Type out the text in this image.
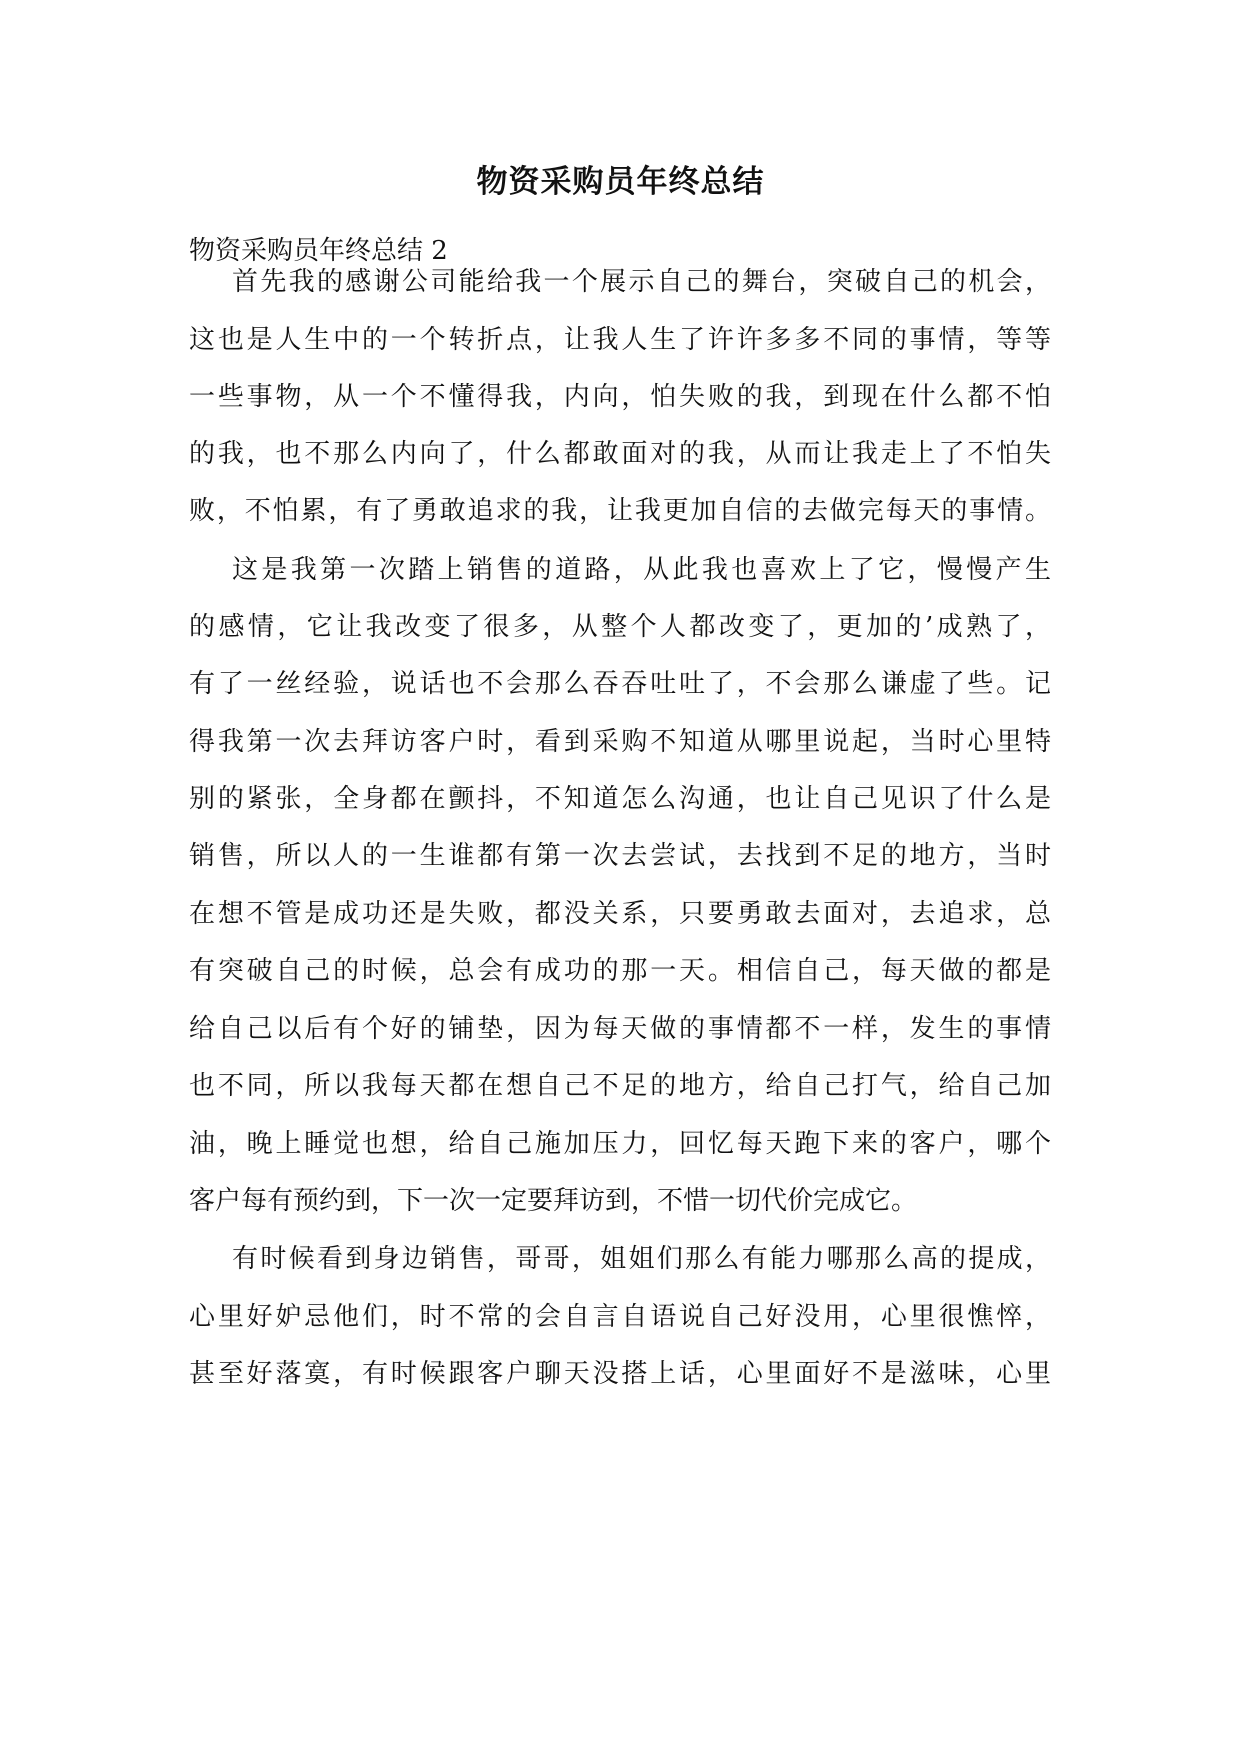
物资采购员年终总结
物资采购员年终总结 2
首先我的感谢公司能给我一个展示自己的舞台，突破自己的机会，
这也是人生中的一个转折点，让我人生了许许多多不同的事情，等等
一些事物，从一个不懂得我，内向，怕失败的我，到现在什么都不怕
的我，也不那么内向了，什么都敢面对的我，从而让我走上了不怕失
败，不怕累，有了勇敢追求的我，让我更加自信的去做完每天的事情。
这是我第一次踏上销售的道路，从此我也喜欢上了它，慢慢产生
的感情，它让我改变了很多，从整个人都改变了，更加的’成熟了，
有了一丝经验，说话也不会那么吞吞吐吐了，不会那么谦虚了些。记
得我第一次去拜访客户时，看到采购不知道从哪里说起，当时心里特
别的紧张，全身都在颤抖，不知道怎么沟通，也让自己见识了什么是
销售，所以人的一生谁都有第一次去尝试，去找到不足的地方，当时
在想不管是成功还是失败，都没关系，只要勇敢去面对，去追求，总
有突破自己的时候，总会有成功的那一天。相信自己，每天做的都是
给自己以后有个好的铺垫，因为每天做的事情都不一样，发生的事情
也不同，所以我每天都在想自己不足的地方，给自己打气，给自己加
油，晚上睡觉也想，给自己施加压力，回忆每天跑下来的客户，哪个
客户每有预约到，下一次一定要拜访到，不惜一切代价完成它。
有时候看到身边销售，哥哥，姐姐们那么有能力哪那么高的提成，
心里好妒忌他们，时不常的会自言自语说自己好没用，心里很憔悴，
甚至好落寞，有时候跟客户聊天没搭上话，心里面好不是滋味，心里
